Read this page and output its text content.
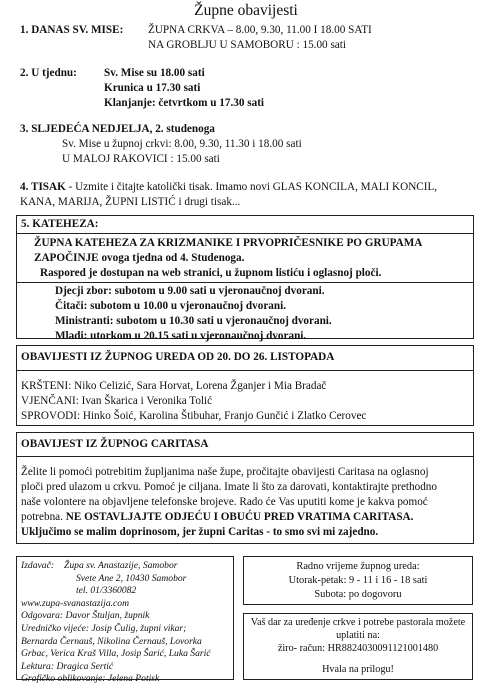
Župne obavijesti
1. DANAS SV. MISE: ŽUPNA CRKVA – 8.00, 9.30, 11.00 I 18.00 SATI
NA GROBLJU U SAMOBORU : 15.00 sati
2. U tjednu: Sv. Mise su 18.00 sati
Krunica u 17.30 sati
Klanjanje: četvrtkom u 17.30 sati
3. SLJEDEĆA NEDJELJA, 2. studenoga
Sv. Mise u župnoj crkvi: 8.00, 9.30, 11.30 i 18.00 sati
U MALOJ RAKOVICI : 15.00 sati
4. TISAK - Uzmite i čitajte katolički tisak. Imamo novi GLAS KONCILA, MALI KONCIL,
KANA, MARIJA, ŽUPNI LISTIĆ i drugi tisak...
5. KATEHEZA:
ŽUPNA KATEHEZA ZA KRIZMANIKE I PRVOPRIČESNIKE PO GRUPAMA
ZAPOČINJE ovoga tjedna od 4. Studenoga.
Raspored je dostupan na web stranici, u župnom listiću i oglasnoj ploči.
Djecji zbor: subotom u 9.00 sati u vjeronaučnoj dvorani.
Čitači: subotom u 10.00 u vjeronaučnoj dvorani.
Ministranti: subotom u 10.30 sati u vjeronaučnoj dvorani.
Mladi: utorkom u 20.15 sati u vjeronaučnoj dvorani.
OBAVIJESTI IZ ŽUPNOG UREDA OD 20. DO 26. LISTOPADA
KRŠTENI: Niko Celizić, Sara Horvat, Lorena Žganjer i Mia Bradač
VJENČANI: Ivan Škarica i Veronika Tolić
SPROVODI: Hinko Šoić, Karolina Štibuhar, Franjo Gunčić i Zlatko Cerovec
OBAVIJEST IZ ŽUPNOG CARITASA
Želite li pomoći potrebitim župljanima naše župe, pročitajte obavijesti Caritasa na oglasnoj
ploči pred ulazom u crkvu. Pomoć je ciljana. Imate li što za darovati, kontaktirajte prethodno
naše volontere na objavljene telefonske brojeve. Rado će Vas uputiti kome je kakva pomoć
potrebna. NE OSTAVLJAJTE ODJEĆU I OBUĆU PRED VRATIMA CARITASA.
Uključimo se malim doprinosom, jer župni Caritas - to smo svi mi zajedno.
Izdavač: Župa sv. Anastazije, Samobor
Svete Ane 2, 10430 Samobor
tel. 01/3360082
www.zupa-svanastazija.com
Odgovara: Davor Štuljan, župnik
Uredničko vijeće: Josip Čulig, župni vikar;
Bernarda Černauš, Nikolina Černauš, Lovorka
Grbac, Verica Kraš Villa, Josip Šarić, Luka Šarić
Lektura: Dragica Sertić
Grafičko oblikovanje: Jelena Potisk
Radno vrijeme župnog ureda:
Utorak-petak: 9 - 11 i 16 - 18 sati
Subota: po dogovoru
Vaš dar za uređenje crkve i potrebe pastorala možete
uplatiti na:
žiro- račun: HR8824030091121001480
Hvala na prilogu!
